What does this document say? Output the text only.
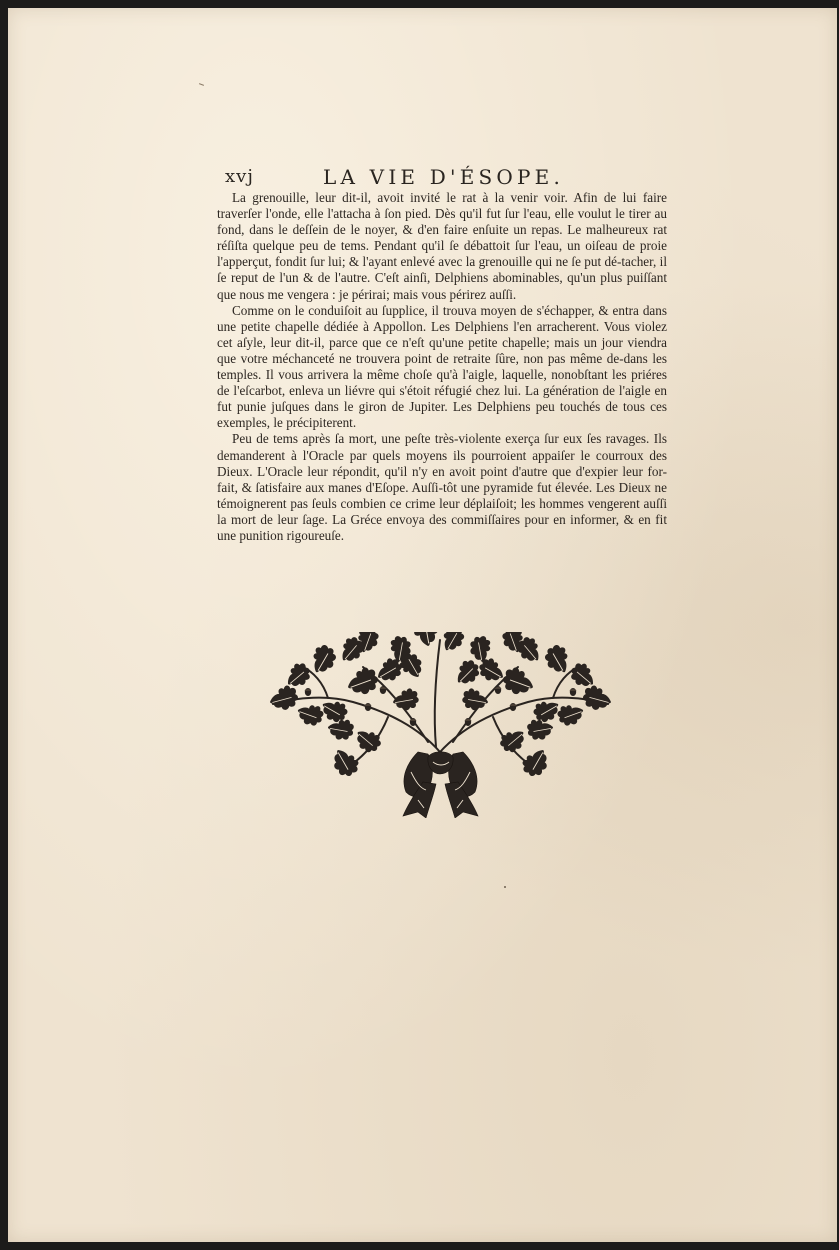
xvj	LA VIE D'ÉSOPE.

La grenouille, leur dit-il, avoit invité le rat à la venir voir. Afin de lui faire traverſer l'onde, elle l'attacha à ſon pied. Dès qu'il fut ſur l'eau, elle voulut le tirer au fond, dans le deſſein de le noyer, & d'en faire enſuite un repas. Le malheureux rat réſiſta quelque peu de tems. Pendant qu'il ſe débattoit ſur l'eau, un oiſeau de proie l'apperçut, fondit ſur lui; & l'ayant enlevé avec la grenouille qui ne ſe put dé-tacher, il ſe reput de l'un & de l'autre. C'eſt ainſi, Delphiens abominables, qu'un plus puiſſant que nous me vengera : je périrai; mais vous périrez auſſi.

Comme on le conduiſoit au ſupplice, il trouva moyen de s'échapper, & entra dans une petite chapelle dédiée à Appollon. Les Delphiens l'en arracherent. Vous violez cet aſyle, leur dit-il, parce que ce n'eſt qu'une petite chapelle; mais un jour viendra que votre méchanceté ne trouvera point de retraite ſûre, non pas même de-dans les temples. Il vous arrivera la même choſe qu'à l'aigle, laquelle, nonobſtant les priéres de l'eſcarbot, enleva un liévre qui s'étoit réfugié chez lui. La génération de l'aigle en fut punie juſques dans le giron de Jupiter. Les Delphiens peu touchés de tous ces exemples, le précipiterent.

Peu de tems après ſa mort, une peſte très-violente exerça ſur eux ſes ravages. Ils demanderent à l'Oracle par quels moyens ils pourroient appaiſer le courroux des Dieux. L'Oracle leur répondit, qu'il n'y en avoit point d'autre que d'expier leur for-fait, & ſatisfaire aux manes d'Eſope. Auſſi-tôt une pyramide fut élevée. Les Dieux ne témoignerent pas ſeuls combien ce crime leur déplaiſoit; les hommes vengerent auſſi la mort de leur ſage. La Gréce envoya des commiſſaires pour en informer, & en fit une punition rigoureuſe.
